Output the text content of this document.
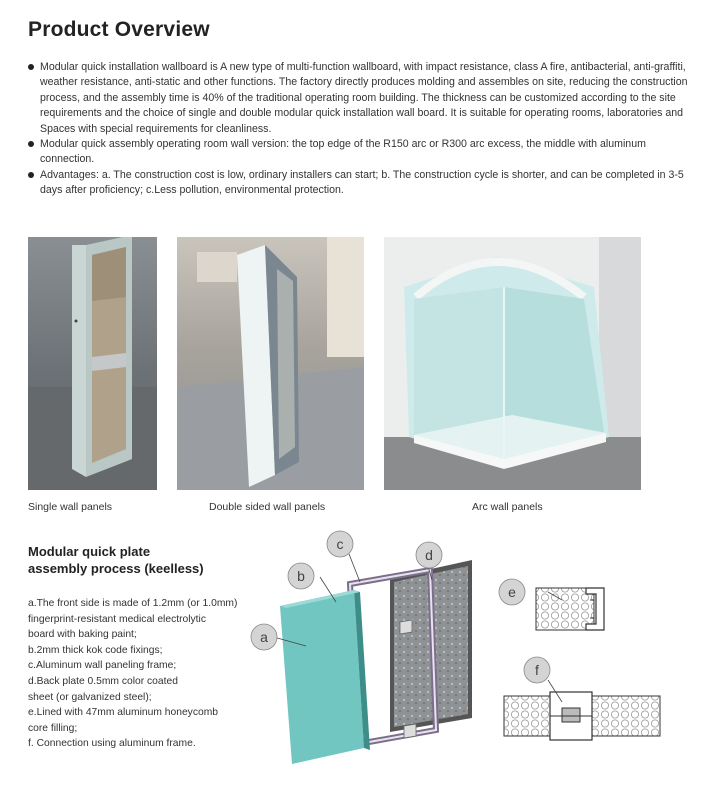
Product Overview
Modular quick installation wallboard is A new type of multi-function wallboard, with impact resistance, class A fire, antibacterial, anti-graffiti, weather resistance, anti-static and other functions. The factory directly produces molding and assembles on site, reducing the construction process, and the assembly time is 40% of the traditional operating room building. The thickness can be customized according to the site requirements and the choice of single and double modular quick installation wall board. It is suitable for operating rooms, laboratories and Spaces with special requirements for cleanliness.
Modular quick assembly operating room wall version: the top edge of the R150 arc or R300 arc excess, the middle with aluminum connection.
Advantages: a. The construction cost is low, ordinary installers can start; b. The construction cycle is shorter, and can be completed in 3-5 days after proficiency; c.Less pollution, environmental protection.
Single wall panels	Double sided wall panels	Arc wall panels
Modular quick plate
assembly process (keelless)
a.The front side is made of 1.2mm (or 1.0mm)
fingerprint-resistant medical electrolytic
board with baking paint;
b.2mm thick kok code fixings;
c.Aluminum wall paneling frame;
d.Back plate 0.5mm color coated
sheet (or galvanized steel);
e.Lined with 47mm aluminum honeycomb
core filling;
f. Connection using aluminum frame.
a
b
c
d
e
f
